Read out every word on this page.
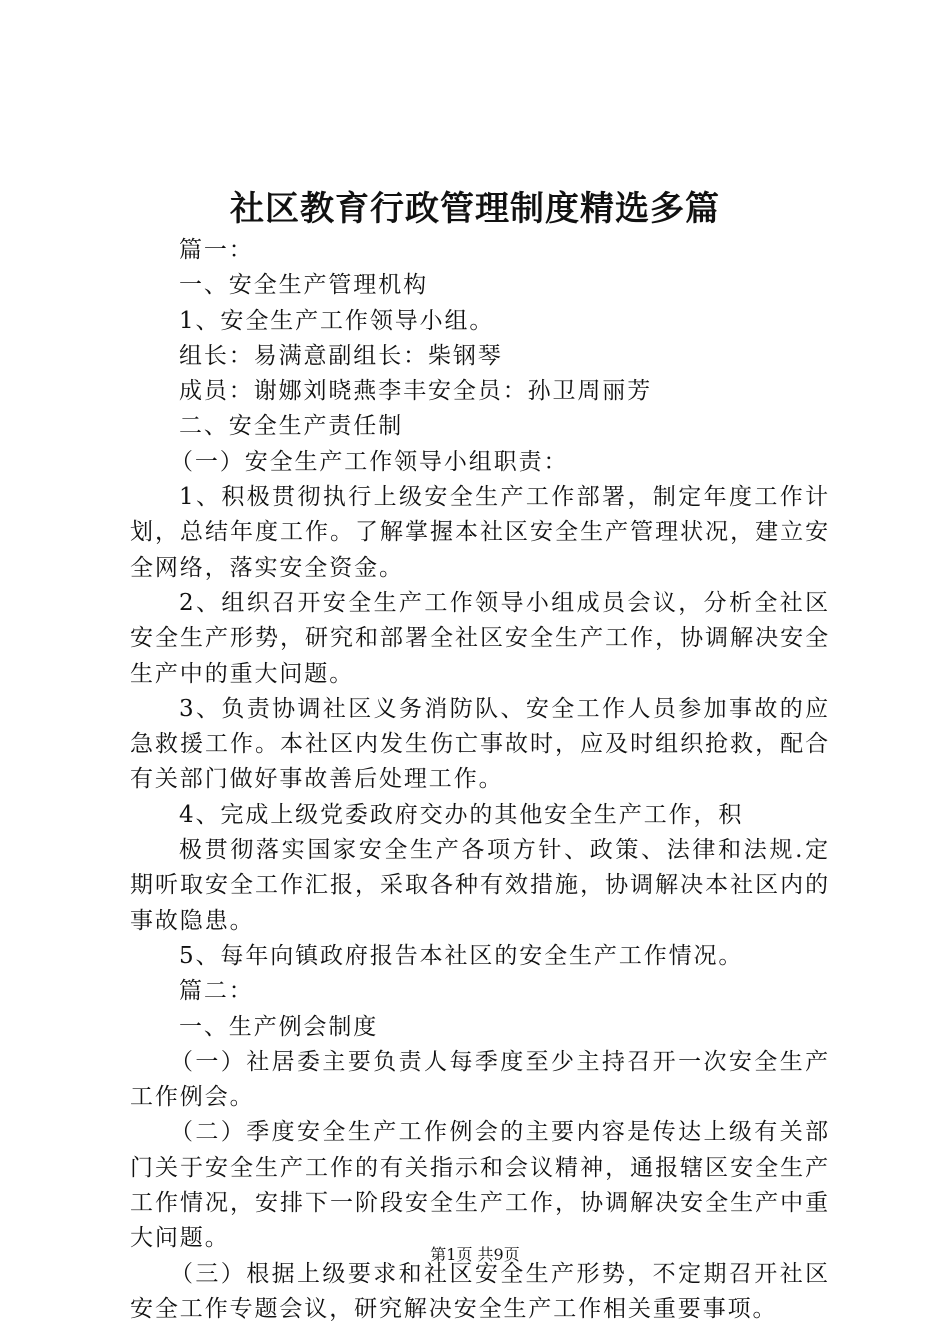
社区教育行政管理制度精选多篇

篇一：

一、安全生产管理机构

1、安全生产工作领导小组。

组长：易满意副组长：柴钢琴

成员：谢娜刘晓燕李丰安全员：孙卫周丽芳

二、安全生产责任制

（一）安全生产工作领导小组职责：

1、积极贯彻执行上级安全生产工作部署，制定年度工作计划，总结年度工作。了解掌握本社区安全生产管理状况，建立安全网络，落实安全资金。

2、组织召开安全生产工作领导小组成员会议，分析全社区安全生产形势，研究和部署全社区安全生产工作，协调解决安全生产中的重大问题。

3、负责协调社区义务消防队、安全工作人员参加事故的应急救援工作。本社区内发生伤亡事故时，应及时组织抢救，配合有关部门做好事故善后处理工作。

4、完成上级党委政府交办的其他安全生产工作，积

极贯彻落实国家安全生产各项方针、政策、法律和法规.定期听取安全工作汇报，采取各种有效措施，协调解决本社区内的事故隐患。

5、每年向镇政府报告本社区的安全生产工作情况。

篇二：

一、生产例会制度

（一）社居委主要负责人每季度至少主持召开一次安全生产工作例会。

（二）季度安全生产工作例会的主要内容是传达上级有关部门关于安全生产工作的有关指示和会议精神，通报辖区安全生产工作情况，安排下一阶段安全生产工作，协调解决安全生产中重大问题。

（三）根据上级要求和社区安全生产形势，不定期召开社区安全工作专题会议，研究解决安全生产工作相关重要事项。

第1页 共9页
